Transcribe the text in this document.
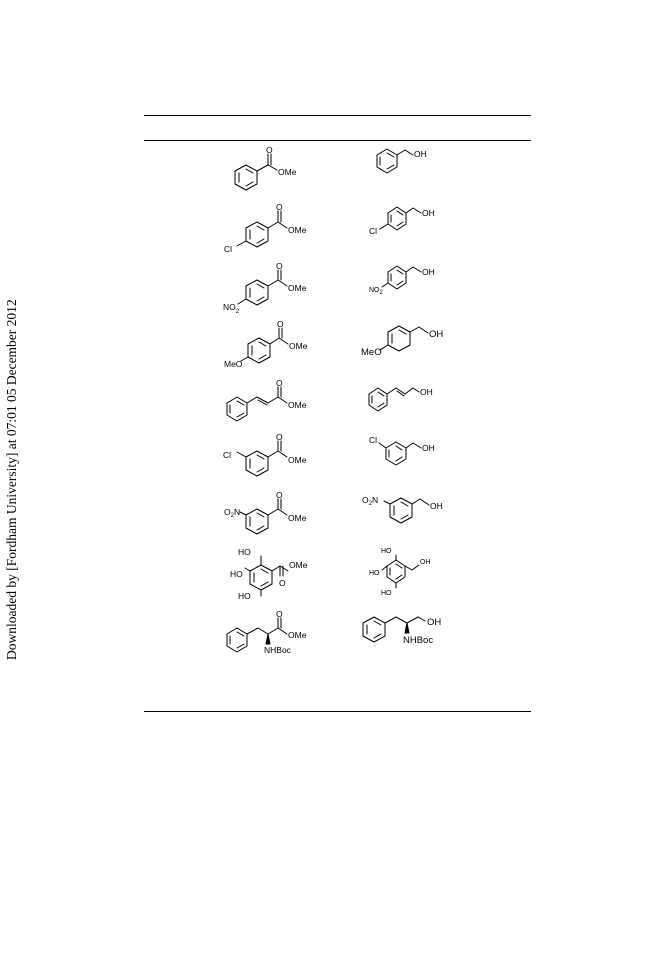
Downloaded by [Fordham University] at 07:01 05 December 2012
O
OMe
OH
O
OMe
Cl
OH
Cl
O
OMe
$NO_2$
OH
NO2
O
OMe
MeO
OH
MeO
O
OMe
OH
O
OMe
Cl
OH
Cl
O
OMe
$O_2N$
OH
$O_2N$
OMe
O
HO
HO
HO
OH
HO
HO
HO
O
OMe
NHBoc
OH
NHBoc
